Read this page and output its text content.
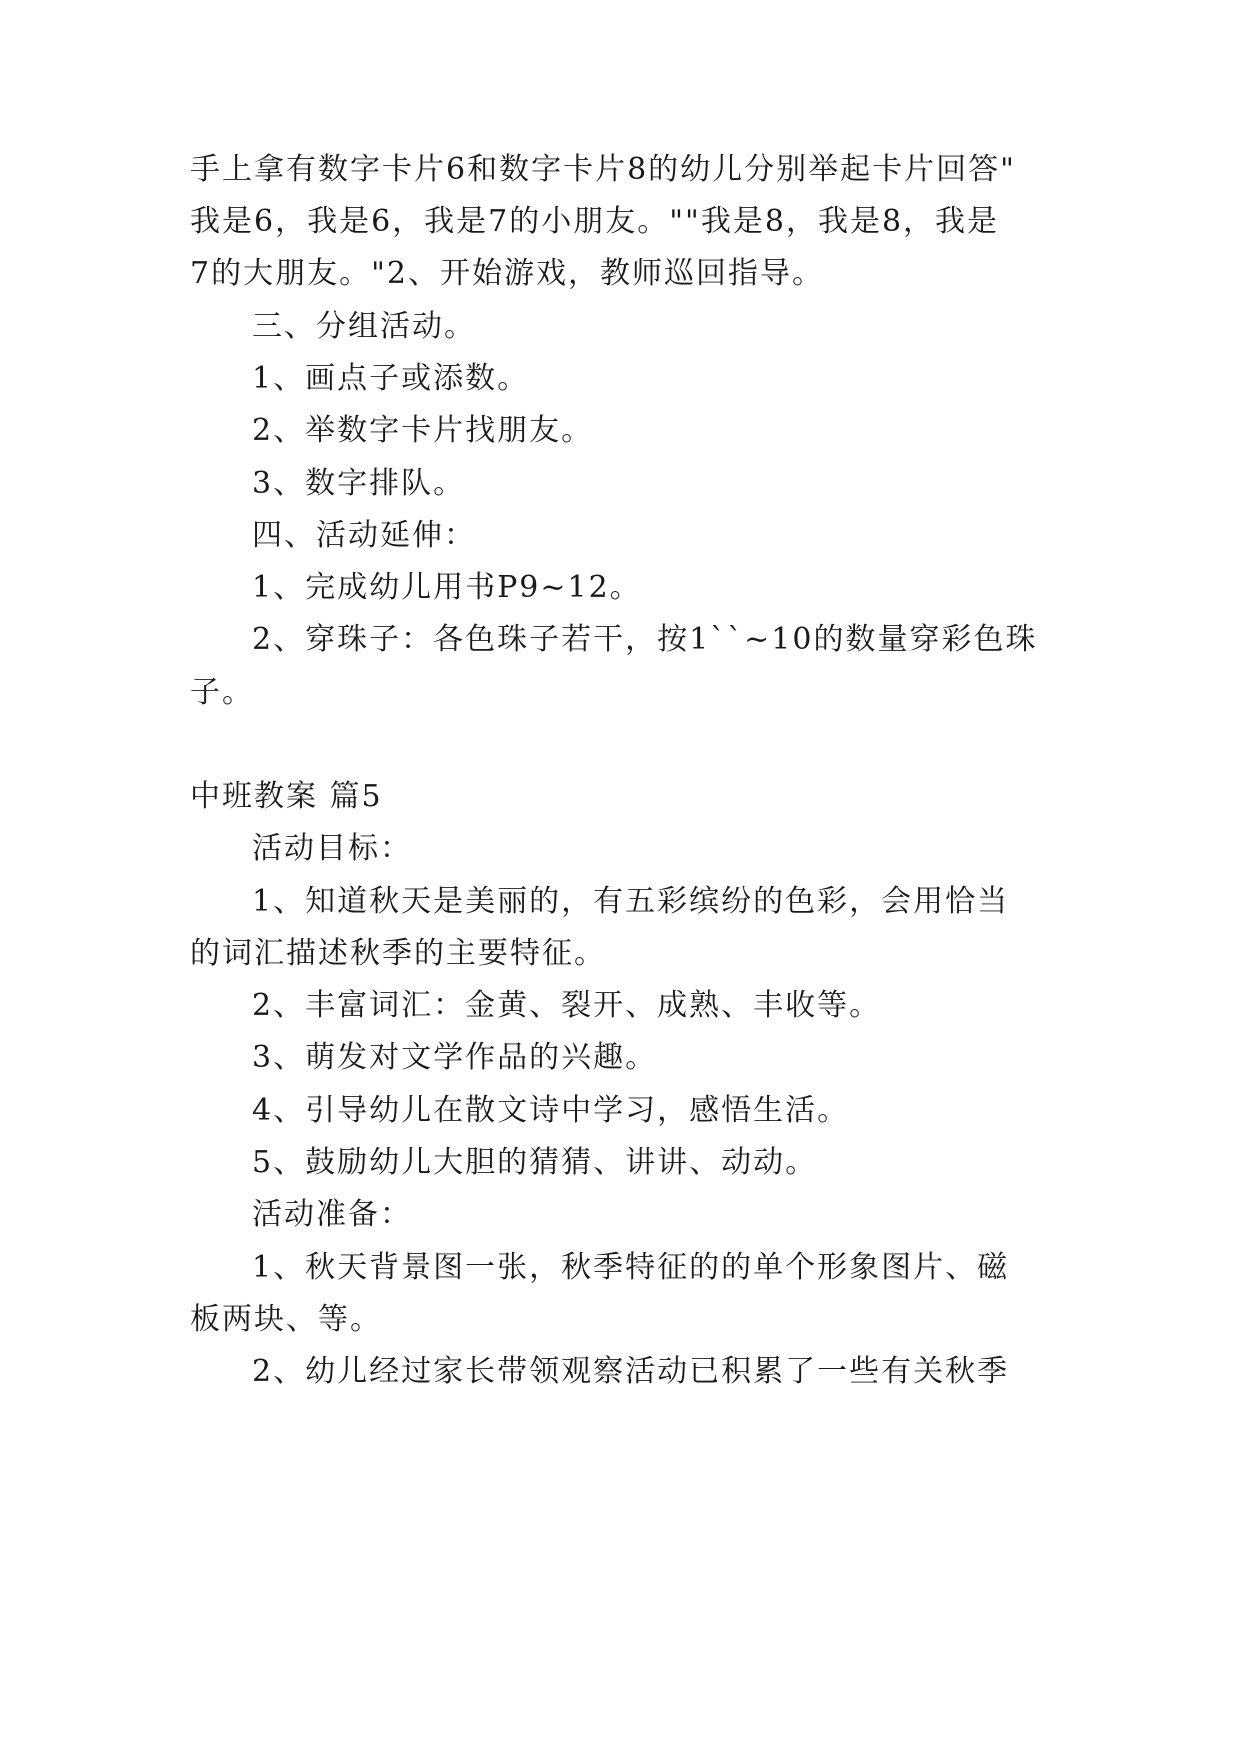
手上拿有数字卡片6和数字卡片8的幼儿分别举起卡片回答"
我是6，我是6，我是7的小朋友。""我是8，我是8，我是
7的大朋友。"2、开始游戏，教师巡回指导。
三、分组活动。
1、画点子或添数。
2、举数字卡片找朋友。
3、数字排队。
四、活动延伸：
1、完成幼儿用书P9~12。
2、穿珠子：各色珠子若干，按1``~10的数量穿彩色珠
子。
中班教案 篇5
活动目标：
1、知道秋天是美丽的，有五彩缤纷的色彩，会用恰当
的词汇描述秋季的主要特征。
2、丰富词汇：金黄、裂开、成熟、丰收等。
3、萌发对文学作品的兴趣。
4、引导幼儿在散文诗中学习，感悟生活。
5、鼓励幼儿大胆的猜猜、讲讲、动动。
活动准备：
1、秋天背景图一张，秋季特征的的单个形象图片、磁
板两块、等。
2、幼儿经过家长带领观察活动已积累了一些有关秋季
